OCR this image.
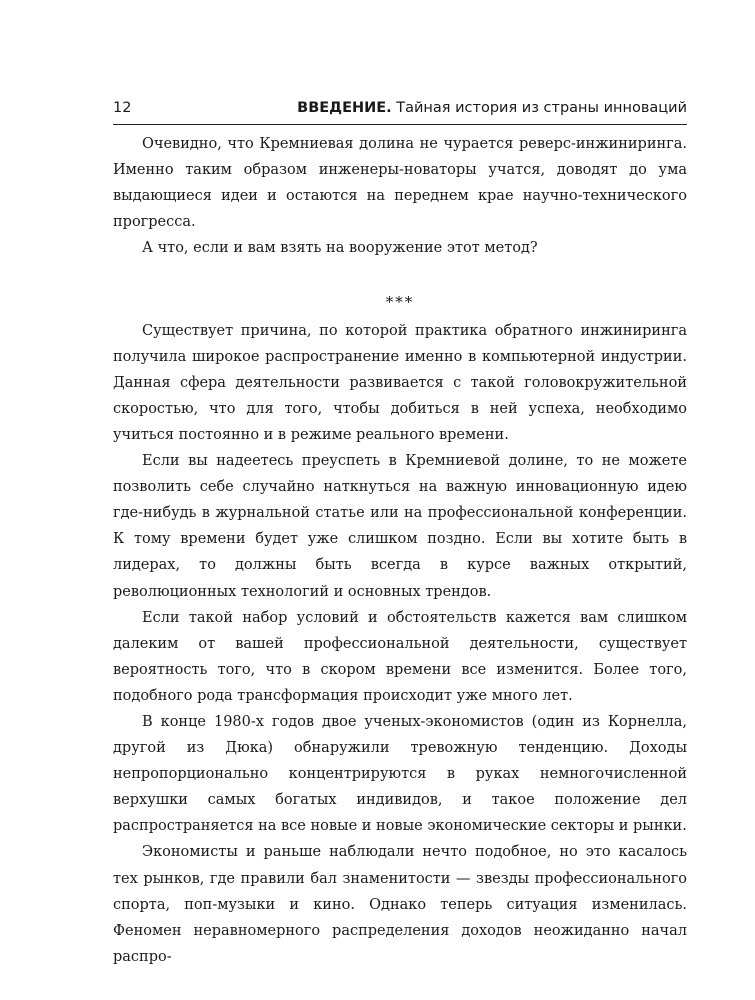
12	ВВЕДЕНИЕ. Тайная история из страны инноваций

Очевидно, что Кремниевая долина не чурается реверс-инжиниринга. Именно таким образом инженеры-новаторы учатся, доводят до ума выдающиеся идеи и остаются на переднем крае научно-технического прогресса.

А что, если и вам взять на вооружение этот метод?

***

Существует причина, по которой практика обратного инжиниринга получила широкое распространение именно в компьютерной индустрии. Данная сфера деятельности развивается с такой головокружительной скоростью, что для того, чтобы добиться в ней успеха, необходимо учиться постоянно и в режиме реального времени.

Если вы надеетесь преуспеть в Кремниевой долине, то не можете позволить себе случайно наткнуться на важную инновационную идею где-нибудь в журнальной статье или на профессиональной конференции. К тому времени будет уже слишком поздно. Если вы хотите быть в лидерах, то должны быть всегда в курсе важных открытий, революционных технологий и основных трендов.

Если такой набор условий и обстоятельств кажется вам слишком далеким от вашей профессиональной деятельности, существует вероятность того, что в скором времени все изменится. Более того, подобного рода трансформация происходит уже много лет.

В конце 1980-х годов двое ученых-экономистов (один из Корнелла, другой из Дюка) обнаружили тревожную тенденцию. Доходы непропорционально концентрируются в руках немногочисленной верхушки самых богатых индивидов, и такое положение дел распространяется на все новые и новые экономические секторы и рынки.

Экономисты и раньше наблюдали нечто подобное, но это касалось тех рынков, где правили бал знаменитости — звезды профессионального спорта, поп-музыки и кино. Однако теперь ситуация изменилась. Феномен неравномерного распределения доходов неожиданно начал распро-
